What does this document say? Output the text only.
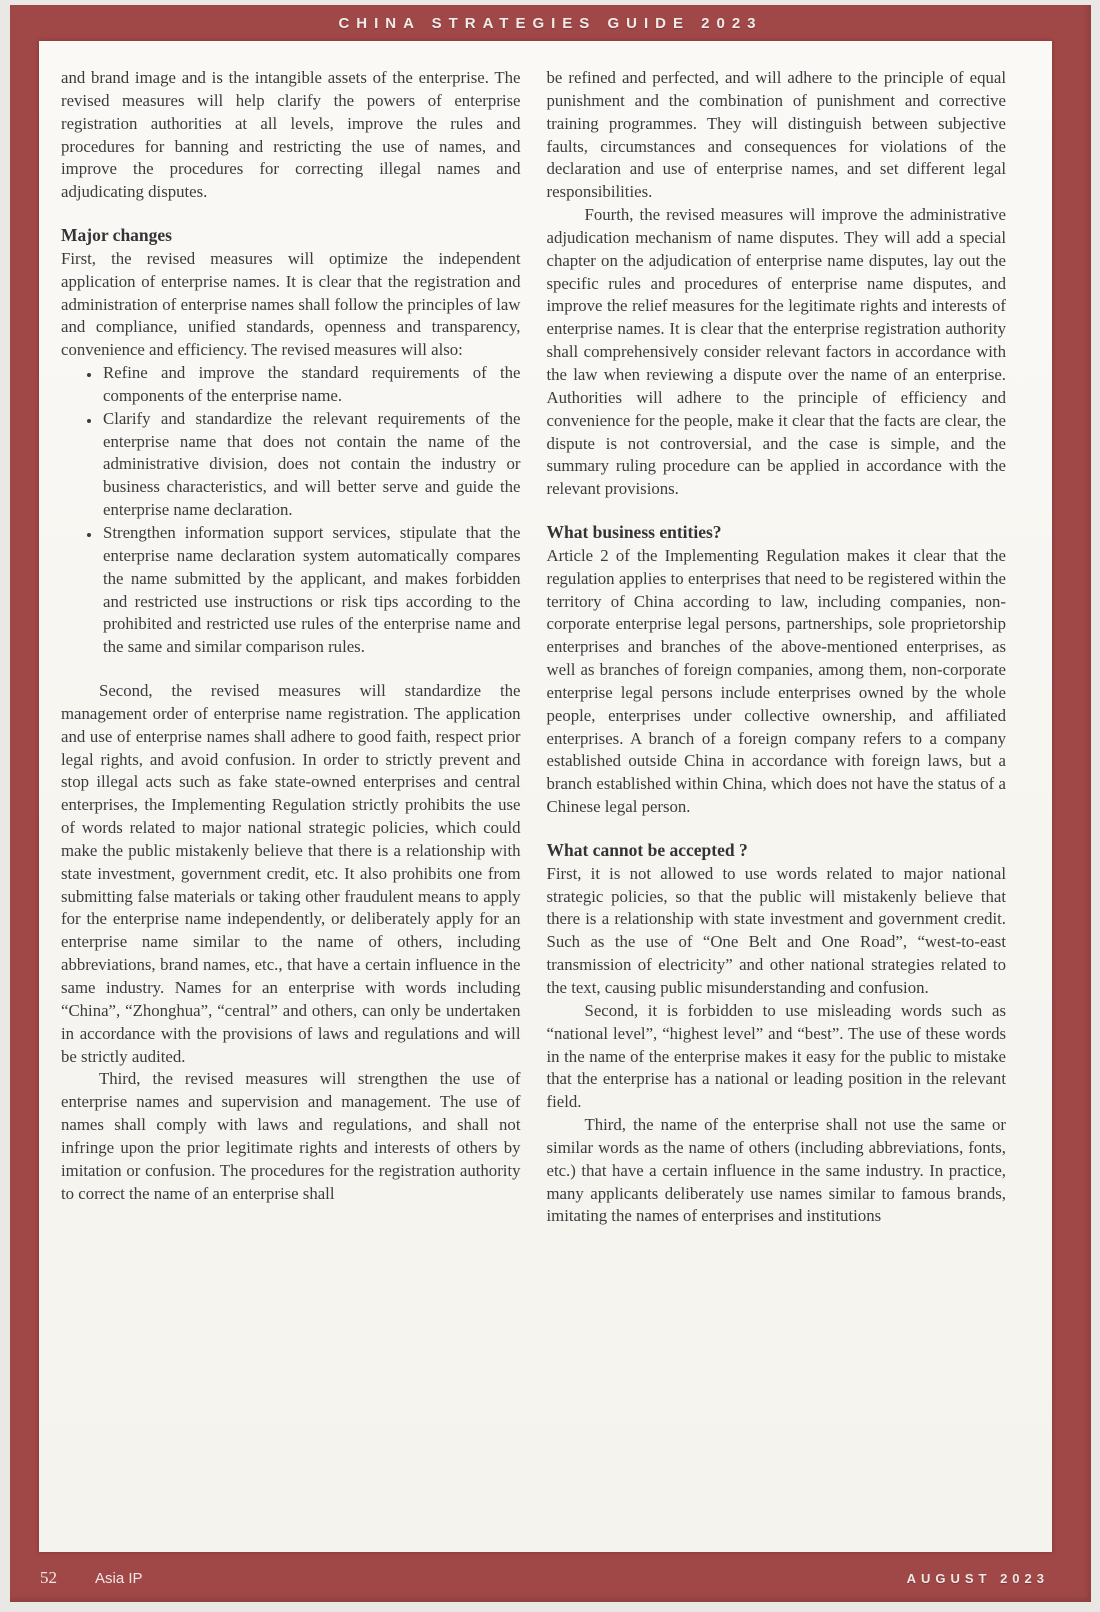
CHINA STRATEGIES GUIDE 2023

and brand image and is the intangible assets of the enterprise. The revised measures will help clarify the powers of enterprise registration authorities at all levels, improve the rules and procedures for banning and restricting the use of names, and improve the procedures for correcting illegal names and adjudicating disputes.

Major changes

First, the revised measures will optimize the independent application of enterprise names. It is clear that the registration and administration of enterprise names shall follow the principles of law and compliance, unified standards, openness and transparency, convenience and efficiency. The revised measures will also:

• Refine and improve the standard requirements of the components of the enterprise name.
• Clarify and standardize the relevant requirements of the enterprise name that does not contain the name of the administrative division, does not contain the industry or business characteristics, and will better serve and guide the enterprise name declaration.
• Strengthen information support services, stipulate that the enterprise name declaration system automatically compares the name submitted by the applicant, and makes forbidden and restricted use instructions or risk tips according to the prohibited and restricted use rules of the enterprise name and the same and similar comparison rules.

Second, the revised measures will standardize the management order of enterprise name registration. The application and use of enterprise names shall adhere to good faith, respect prior legal rights, and avoid confusion. In order to strictly prevent and stop illegal acts such as fake state-owned enterprises and central enterprises, the Implementing Regulation strictly prohibits the use of words related to major national strategic policies, which could make the public mistakenly believe that there is a relationship with state investment, government credit, etc. It also prohibits one from submitting false materials or taking other fraudulent means to apply for the enterprise name independently, or deliberately apply for an enterprise name similar to the name of others, including abbreviations, brand names, etc., that have a certain influence in the same industry. Names for an enterprise with words including “China”, “Zhonghua”, “central” and others, can only be undertaken in accordance with the provisions of laws and regulations and will be strictly audited.

Third, the revised measures will strengthen the use of enterprise names and supervision and management. The use of names shall comply with laws and regulations, and shall not infringe upon the prior legitimate rights and interests of others by imitation or confusion. The procedures for the registration authority to correct the name of an enterprise shall

be refined and perfected, and will adhere to the principle of equal punishment and the combination of punishment and corrective training programmes. They will distinguish between subjective faults, circumstances and consequences for violations of the declaration and use of enterprise names, and set different legal responsibilities.

Fourth, the revised measures will improve the administrative adjudication mechanism of name disputes. They will add a special chapter on the adjudication of enterprise name disputes, lay out the specific rules and procedures of enterprise name disputes, and improve the relief measures for the legitimate rights and interests of enterprise names. It is clear that the enterprise registration authority shall comprehensively consider relevant factors in accordance with the law when reviewing a dispute over the name of an enterprise. Authorities will adhere to the principle of efficiency and convenience for the people, make it clear that the facts are clear, the dispute is not controversial, and the case is simple, and the summary ruling procedure can be applied in accordance with the relevant provisions.

What business entities?

Article 2 of the Implementing Regulation makes it clear that the regulation applies to enterprises that need to be registered within the territory of China according to law, including companies, non-corporate enterprise legal persons, partnerships, sole proprietorship enterprises and branches of the above-mentioned enterprises, as well as branches of foreign companies, among them, non-corporate enterprise legal persons include enterprises owned by the whole people, enterprises under collective ownership, and affiliated enterprises. A branch of a foreign company refers to a company established outside China in accordance with foreign laws, but a branch established within China, which does not have the status of a Chinese legal person.

What cannot be accepted ?

First, it is not allowed to use words related to major national strategic policies, so that the public will mistakenly believe that there is a relationship with state investment and government credit. Such as the use of “One Belt and One Road”, “west-to-east transmission of electricity” and other national strategies related to the text, causing public misunderstanding and confusion.

Second, it is forbidden to use misleading words such as “national level”, “highest level” and “best”. The use of these words in the name of the enterprise makes it easy for the public to mistake that the enterprise has a national or leading position in the relevant field.

Third, the name of the enterprise shall not use the same or similar words as the name of others (including abbreviations, fonts, etc.) that have a certain influence in the same industry. In practice, many applicants deliberately use names similar to famous brands, imitating the names of enterprises and institutions

52	Asia IP	AUGUST 2023
